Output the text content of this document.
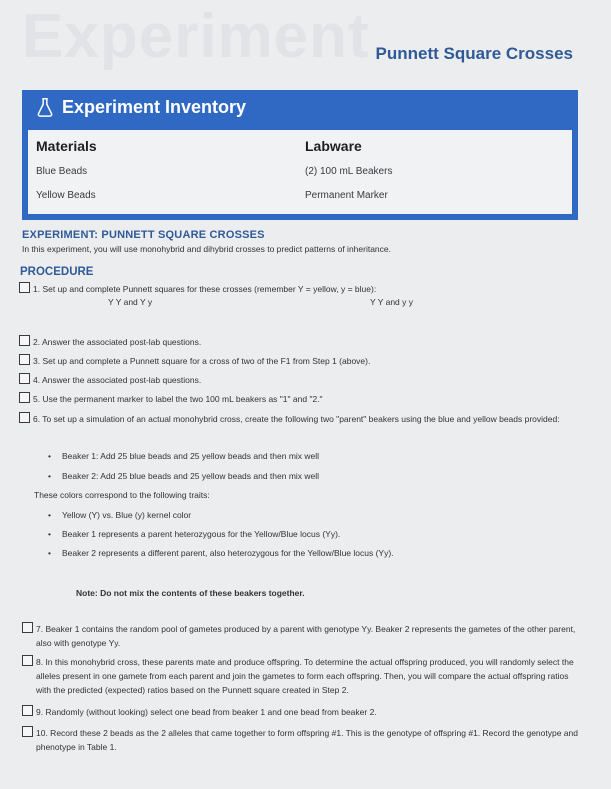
Experiment Punnett Square Crosses
Experiment Inventory
Materials
Blue Beads
Yellow Beads
Labware
(2) 100 mL Beakers
Permanent Marker
EXPERIMENT: PUNNETT SQUARE CROSSES
In this experiment, you will use monohybrid and dihybrid crosses to predict patterns of inheritance.
PROCEDURE
1. Set up and complete Punnett squares for these crosses (remember Y = yellow, y = blue):
Y Y and Y y	Y Y and y y
2. Answer the associated post-lab questions.
3. Set up and complete a Punnett square for a cross of two of the F1 from Step 1 (above).
4. Answer the associated post-lab questions.
5. Use the permanent marker to label the two 100 mL beakers as "1" and "2."
6. To set up a simulation of an actual monohybrid cross, create the following two "parent" beakers using the blue and yellow beads provided:
• Beaker 1: Add 25 blue beads and 25 yellow beads and then mix well
• Beaker 2: Add 25 blue beads and 25 yellow beads and then mix well
These colors correspond to the following traits:
• Yellow (Y) vs. Blue (y) kernel color
• Beaker 1 represents a parent heterozygous for the Yellow/Blue locus (Yy).
• Beaker 2 represents a different parent, also heterozygous for the Yellow/Blue locus (Yy).
Note: Do not mix the contents of these beakers together.
7. Beaker 1 contains the random pool of gametes produced by a parent with genotype Yy. Beaker 2 represents the gametes of the other parent, also with genotype Yy.
8. In this monohybrid cross, these parents mate and produce offspring. To determine the actual offspring produced, you will randomly select the alleles present in one gamete from each parent and join the gametes to form each offspring. Then, you will compare the actual offspring ratios with the predicted (expected) ratios based on the Punnett square created in Step 2.
9. Randomly (without looking) select one bead from beaker 1 and one bead from beaker 2.
10. Record these 2 beads as the 2 alleles that came together to form offspring #1. This is the genotype of offspring #1. Record the genotype and phenotype in Table 1.
